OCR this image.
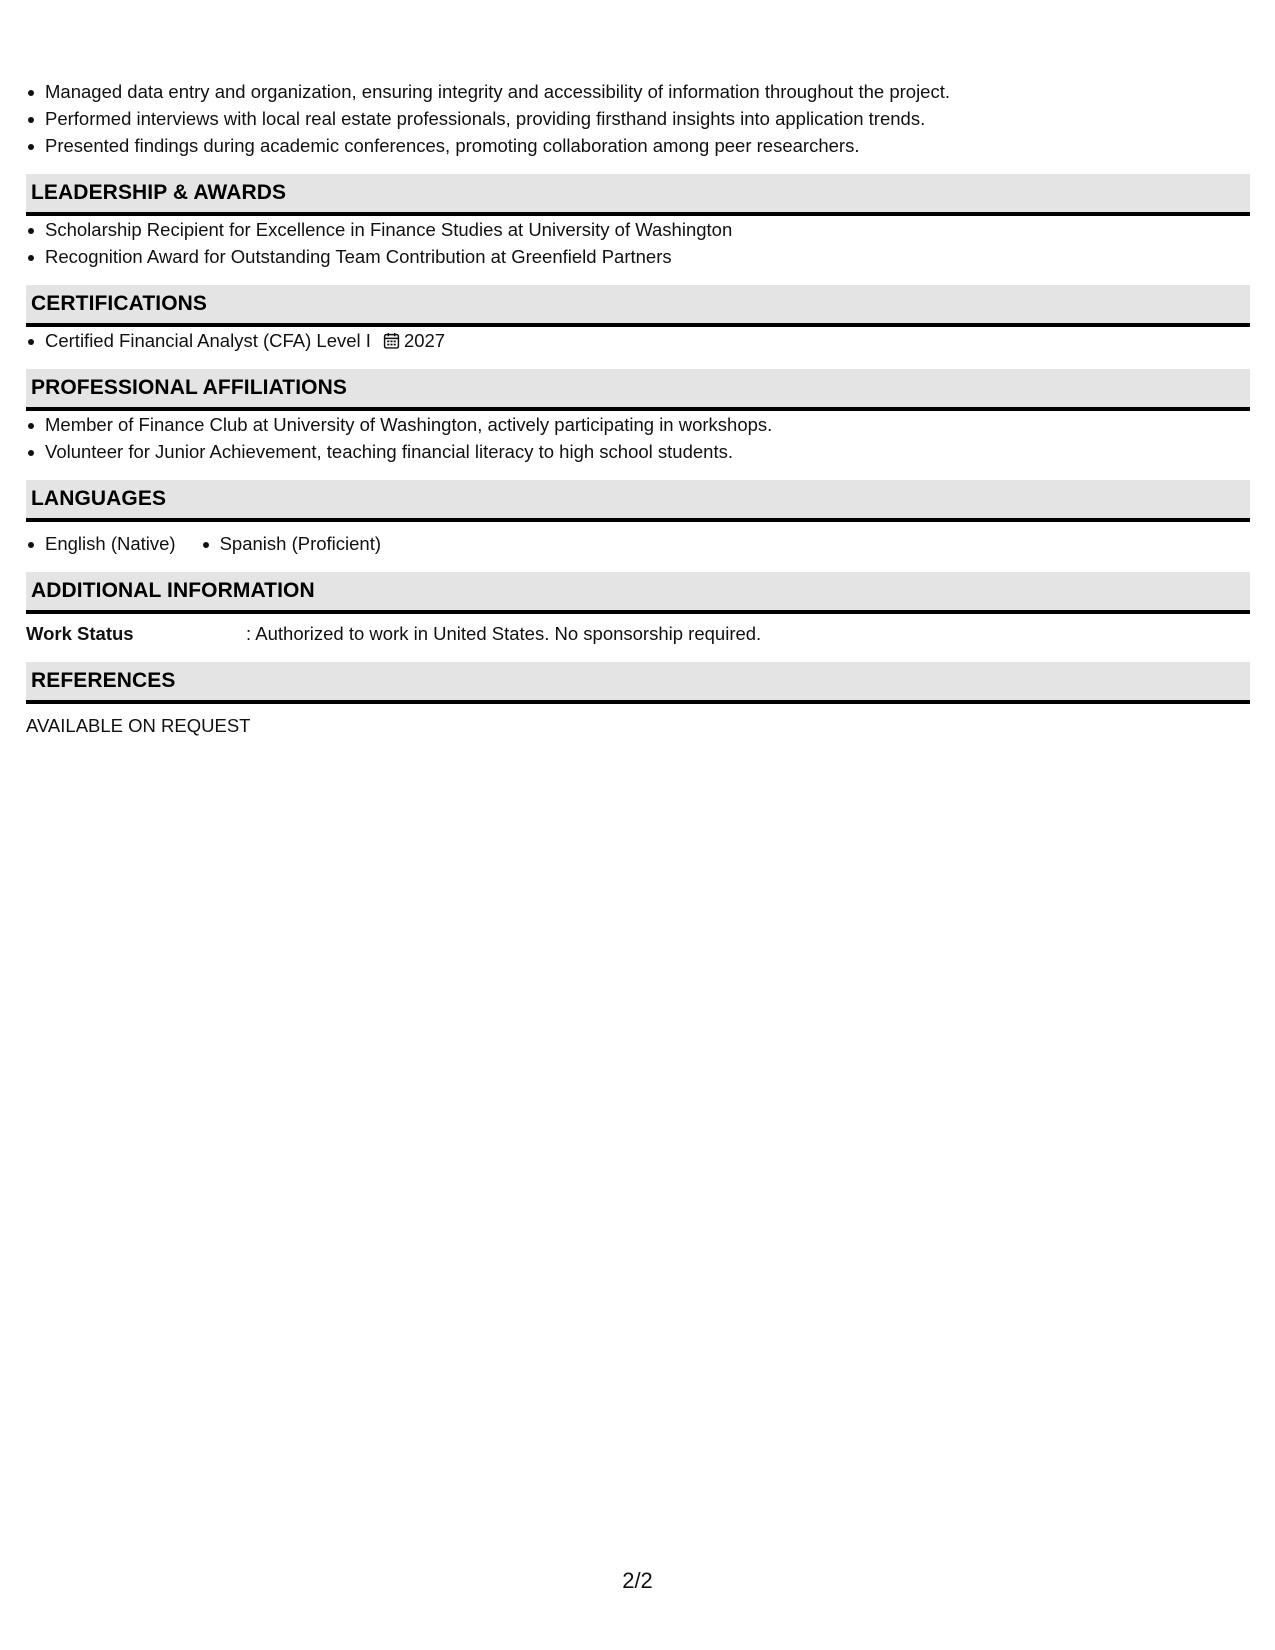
Managed data entry and organization, ensuring integrity and accessibility of information throughout the project.
Performed interviews with local real estate professionals, providing firsthand insights into application trends.
Presented findings during academic conferences, promoting collaboration among peer researchers.
LEADERSHIP & AWARDS
Scholarship Recipient for Excellence in Finance Studies at University of Washington
Recognition Award for Outstanding Team Contribution at Greenfield Partners
CERTIFICATIONS
Certified Financial Analyst (CFA) Level I 2027
PROFESSIONAL AFFILIATIONS
Member of Finance Club at University of Washington, actively participating in workshops.
Volunteer for Junior Achievement, teaching financial literacy to high school students.
LANGUAGES
English (Native) Spanish (Proficient)
ADDITIONAL INFORMATION
Work Status	: Authorized to work in United States. No sponsorship required.
REFERENCES
AVAILABLE ON REQUEST
2/2
